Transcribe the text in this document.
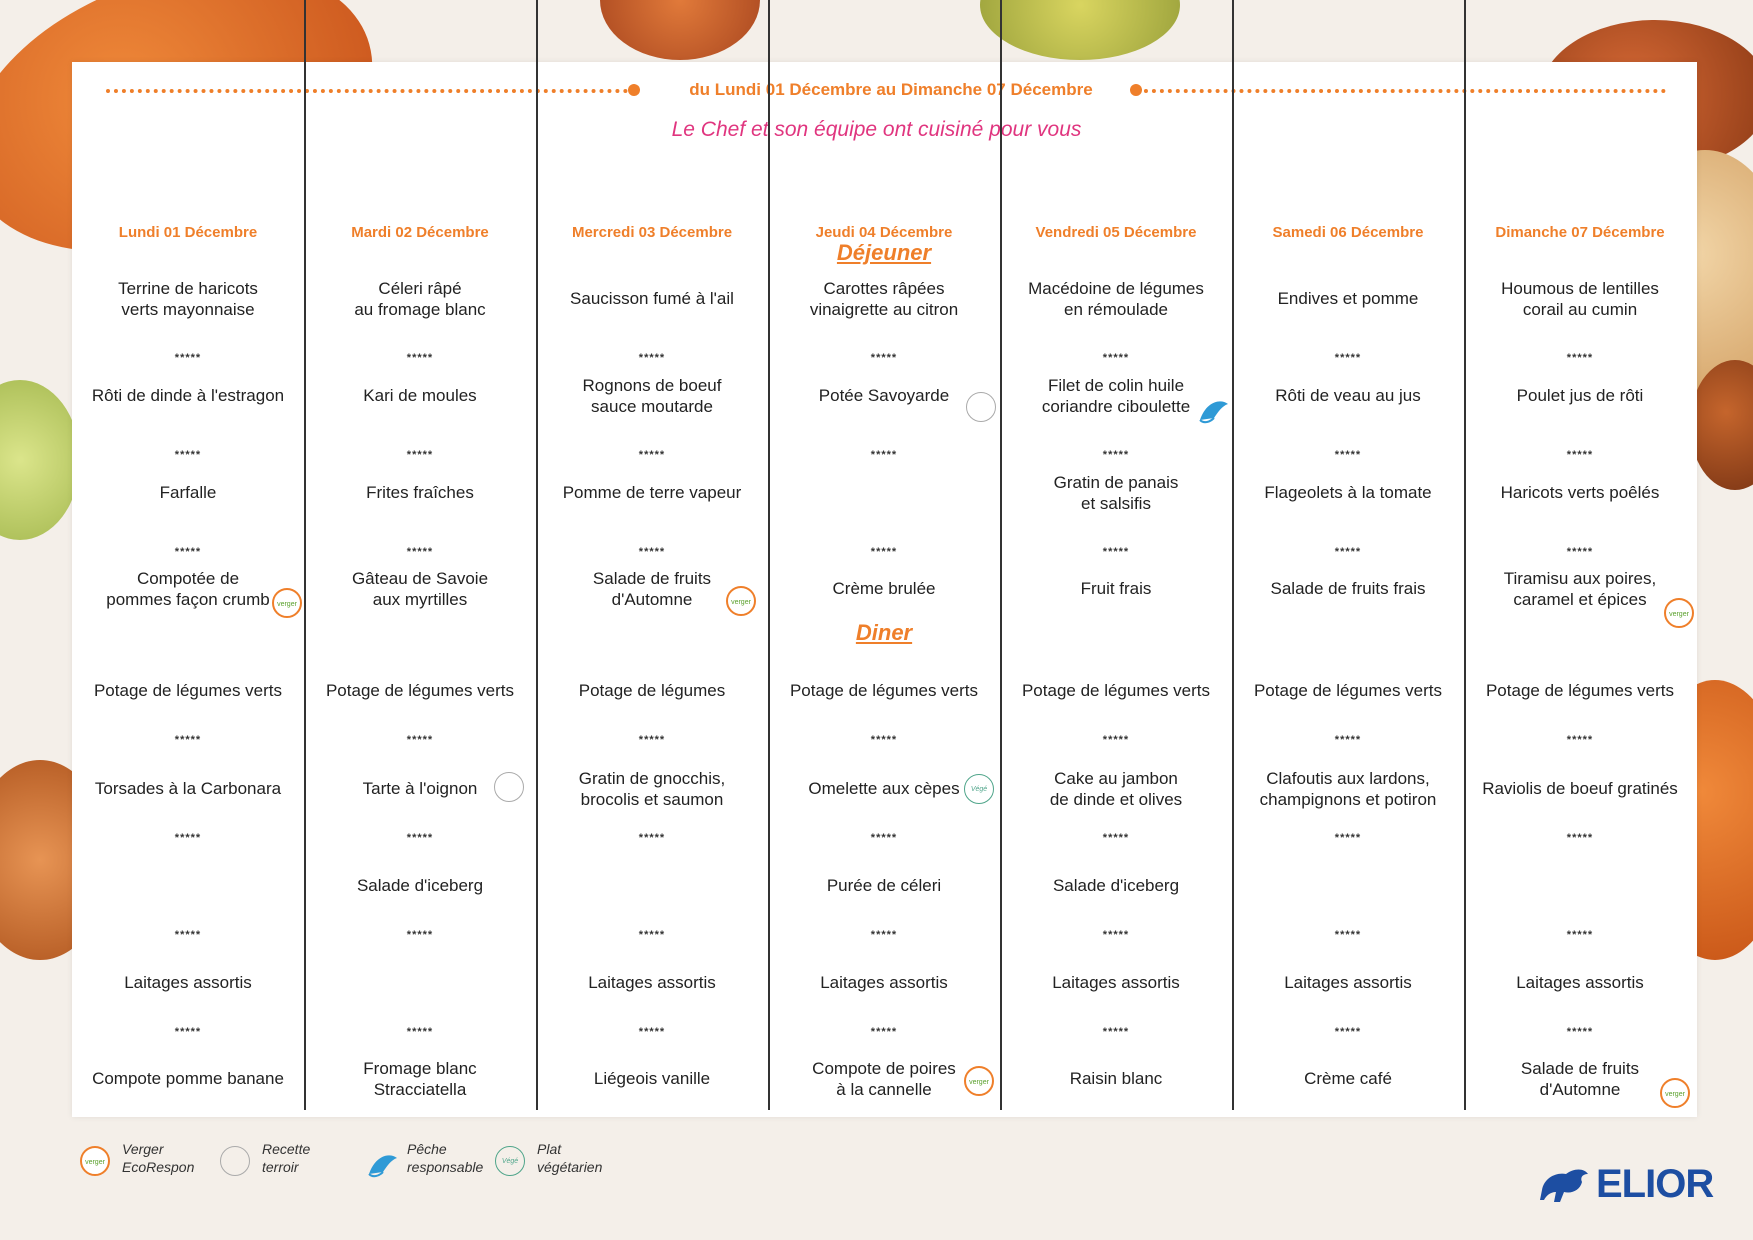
du Lundi 01 Décembre au Dimanche 07 Décembre
Le Chef et son équipe ont cuisiné pour vous
Lundi 01 Décembre
Terrine de haricots
verts mayonnaise
Rôti de dinde à l'estragon
Farfalle
Compotée de
pommes façon crumb
Potage de légumes verts
Torsades à la Carbonara
Laitages assortis
Compote pomme banane
*****
*****
*****
*****
*****
*****
*****
verger
Mardi 02 Décembre
Céleri râpé
au fromage blanc
Kari de moules
Frites fraîches
Gâteau de Savoie
aux myrtilles
Potage de légumes verts
Tarte à l'oignon
Salade d'iceberg
Fromage blanc
Stracciatella
*****
*****
*****
*****
*****
*****
*****
Mercredi 03 Décembre
Saucisson fumé à l'ail
Rognons de boeuf
sauce moutarde
Pomme de terre vapeur
Salade de fruits
d'Automne
Potage de légumes
Gratin de gnocchis,
brocolis et saumon
Laitages assortis
Liégeois vanille
*****
*****
*****
*****
*****
*****
*****
verger
Jeudi 04 Décembre
Carottes râpées
vinaigrette au citron
Potée Savoyarde
Crème brulée
Potage de légumes verts
Omelette aux cèpes
Purée de céleri
Laitages assortis
Compote de poires
à la cannelle
*****
*****
*****
*****
*****
*****
*****
Déjeuner
Diner
Végé
verger
Vendredi 05 Décembre
Macédoine de légumes
en rémoulade
Filet de colin huile
coriandre ciboulette
Gratin de panais
et salsifis
Fruit frais
Potage de légumes verts
Cake au jambon
de dinde et olives
Salade d'iceberg
Laitages assortis
Raisin blanc
*****
*****
*****
*****
*****
*****
*****
Samedi 06 Décembre
Endives et pomme
Rôti de veau au jus
Flageolets à la tomate
Salade de fruits frais
Potage de légumes verts
Clafoutis aux lardons,
champignons et potiron
Laitages assortis
Crème café
*****
*****
*****
*****
*****
*****
*****
Dimanche 07 Décembre
Houmous de lentilles
corail au cumin
Poulet jus de rôti
Haricots verts poêlés
Tiramisu aux poires,
caramel et épices
Potage de légumes verts
Raviolis de boeuf gratinés
Laitages assortis
Salade de fruits
d'Automne
*****
*****
*****
*****
*****
*****
*****
verger
verger
verger
Verger
EcoRespon
Recette
terroir
Pêche
responsable	Végé
Plat
végétarien	ELIOR
